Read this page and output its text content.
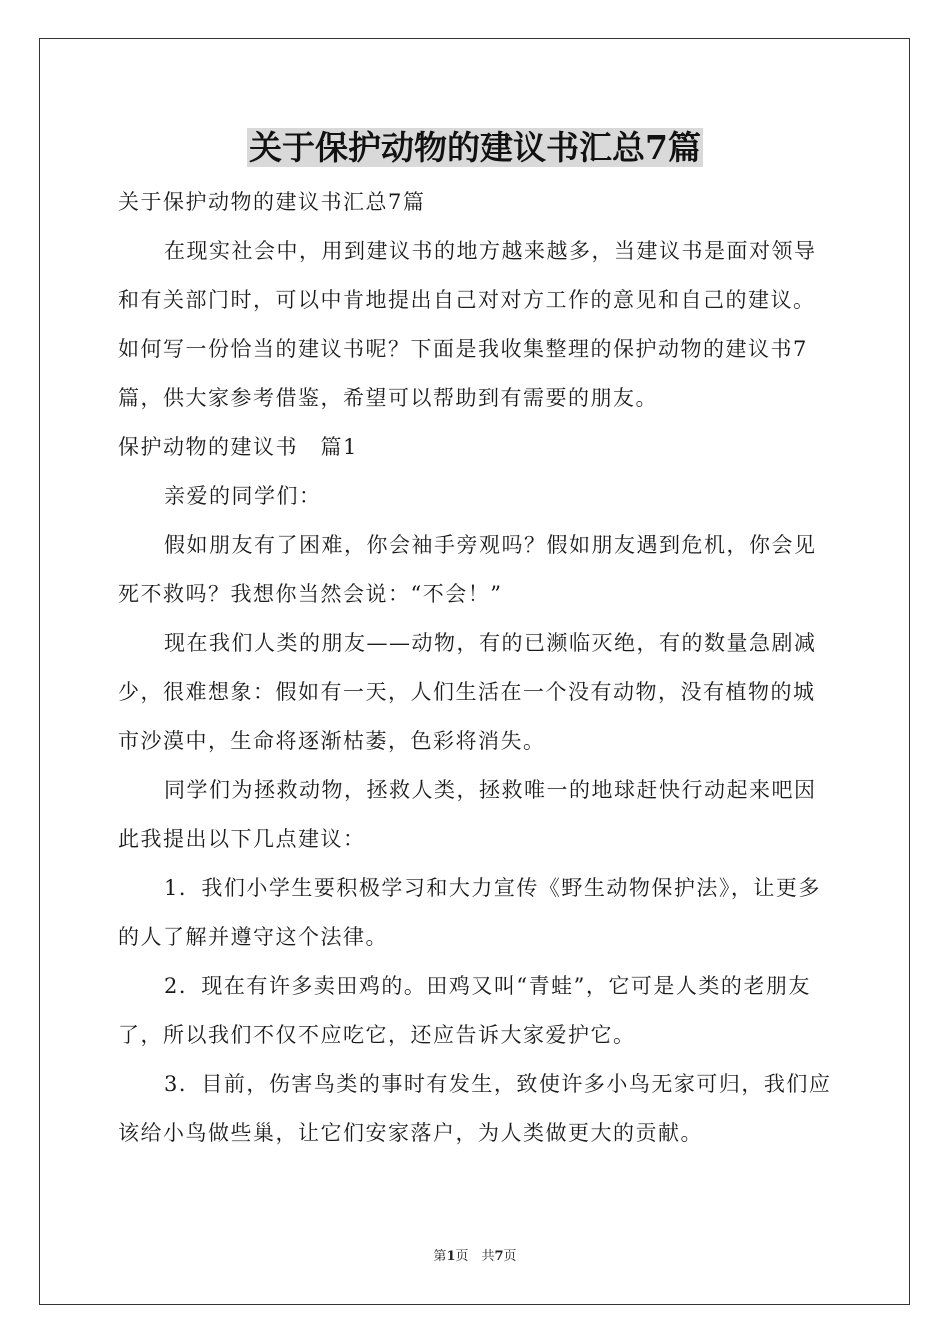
关于保护动物的建议书汇总7篇

关于保护动物的建议书汇总7篇

在现实社会中，用到建议书的地方越来越多，当建议书是面对领导和有关部门时，可以中肯地提出自己对对方工作的意见和自己的建议。如何写一份恰当的建议书呢？下面是我收集整理的保护动物的建议书7篇，供大家参考借鉴，希望可以帮助到有需要的朋友。

保护动物的建议书　篇1

亲爱的同学们：

假如朋友有了困难，你会袖手旁观吗？假如朋友遇到危机，你会见死不救吗？我想你当然会说：“不会！”

现在我们人类的朋友——动物，有的已濒临灭绝，有的数量急剧减少，很难想象：假如有一天，人们生活在一个没有动物，没有植物的城市沙漠中，生命将逐渐枯萎，色彩将消失。

同学们为拯救动物，拯救人类，拯救唯一的地球赶快行动起来吧因此我提出以下几点建议：

1．我们小学生要积极学习和大力宣传《野生动物保护法》，让更多的人了解并遵守这个法律。

2．现在有许多卖田鸡的。田鸡又叫“青蛙”，它可是人类的老朋友了，所以我们不仅不应吃它，还应告诉大家爱护它。

3．目前，伤害鸟类的事时有发生，致使许多小鸟无家可归，我们应该给小鸟做些巢，让它们安家落户，为人类做更大的贡献。

第1页　共7页
